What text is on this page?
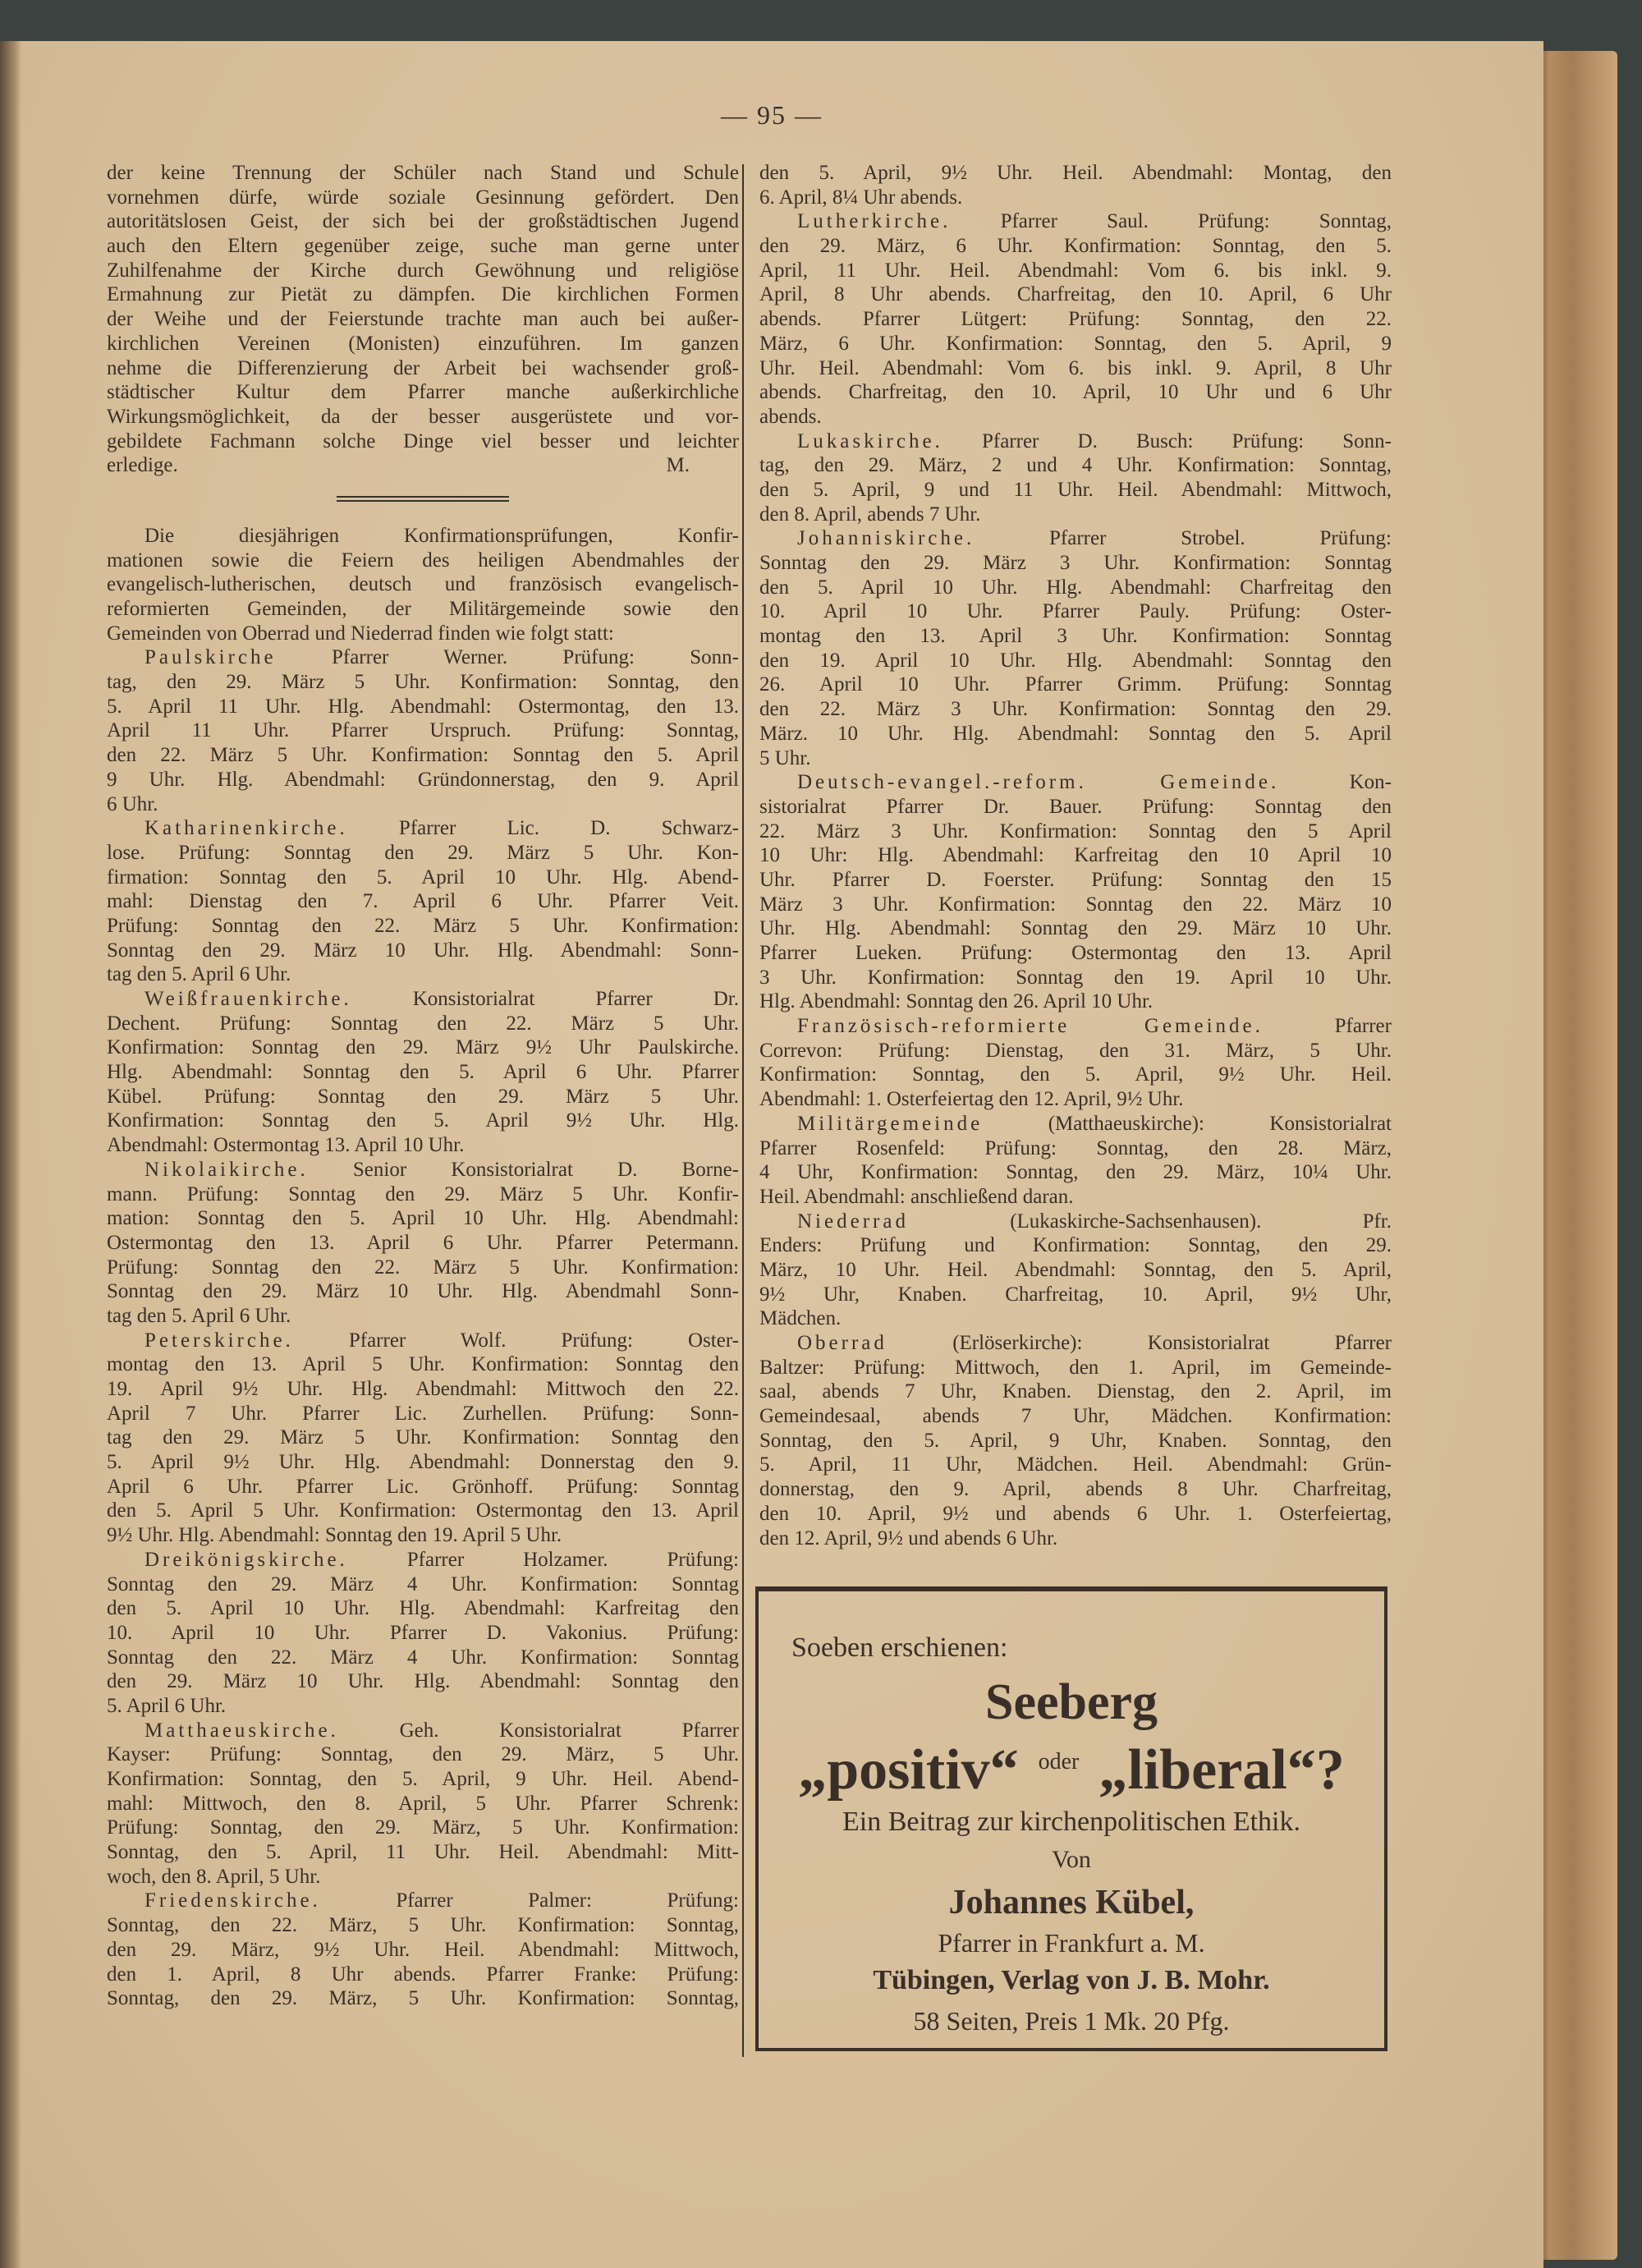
— 95 —
der keine Trennung der Schüler nach Stand und Schule
vornehmen dürfe, würde soziale Gesinnung gefördert. Den
autoritätslosen Geist, der sich bei der großstädtischen Jugend
auch den Eltern gegenüber zeige, suche man gerne unter
Zuhilfenahme der Kirche durch Gewöhnung und religiöse
Ermahnung zur Pietät zu dämpfen. Die kirchlichen Formen
der Weihe und der Feierstunde trachte man auch bei außer-
kirchlichen Vereinen (Monisten) einzuführen. Im ganzen
nehme die Differenzierung der Arbeit bei wachsender groß-
städtischer Kultur dem Pfarrer manche außerkirchliche
Wirkungsmöglichkeit, da der besser ausgerüstete und vor-
gebildete Fachmann solche Dinge viel besser und leichter
erledige.	M.
Die diesjährigen Konfirmationsprüfungen, Konfir-
mationen sowie die Feiern des heiligen Abendmahles der
evangelisch-lutherischen, deutsch und französisch evangelisch-
reformierten Gemeinden, der Militärgemeinde sowie den
Gemeinden von Oberrad und Niederrad finden wie folgt statt:
Paulskirche Pfarrer Werner. Prüfung: Sonn-
tag, den 29. März 5 Uhr. Konfirmation: Sonntag, den
5. April 11 Uhr. Hlg. Abendmahl: Ostermontag, den 13.
April 11 Uhr. Pfarrer Urspruch. Prüfung: Sonntag,
den 22. März 5 Uhr. Konfirmation: Sonntag den 5. April
9 Uhr. Hlg. Abendmahl: Gründonnerstag, den 9. April
6 Uhr.
Katharinenkirche. Pfarrer Lic. D. Schwarz-
lose. Prüfung: Sonntag den 29. März 5 Uhr. Kon-
firmation: Sonntag den 5. April 10 Uhr. Hlg. Abend-
mahl: Dienstag den 7. April 6 Uhr. Pfarrer Veit.
Prüfung: Sonntag den 22. März 5 Uhr. Konfirmation:
Sonntag den 29. März 10 Uhr. Hlg. Abendmahl: Sonn-
tag den 5. April 6 Uhr.
Weißfrauenkirche. Konsistorialrat Pfarrer Dr.
Dechent. Prüfung: Sonntag den 22. März 5 Uhr.
Konfirmation: Sonntag den 29. März 9½ Uhr Paulskirche.
Hlg. Abendmahl: Sonntag den 5. April 6 Uhr. Pfarrer
Kübel. Prüfung: Sonntag den 29. März 5 Uhr.
Konfirmation: Sonntag den 5. April 9½ Uhr. Hlg.
Abendmahl: Ostermontag 13. April 10 Uhr.
Nikolaikirche. Senior Konsistorialrat D. Borne-
mann. Prüfung: Sonntag den 29. März 5 Uhr. Konfir-
mation: Sonntag den 5. April 10 Uhr. Hlg. Abendmahl:
Ostermontag den 13. April 6 Uhr. Pfarrer Petermann.
Prüfung: Sonntag den 22. März 5 Uhr. Konfirmation:
Sonntag den 29. März 10 Uhr. Hlg. Abendmahl Sonn-
tag den 5. April 6 Uhr.
Peterskirche. Pfarrer Wolf. Prüfung: Oster-
montag den 13. April 5 Uhr. Konfirmation: Sonntag den
19. April 9½ Uhr. Hlg. Abendmahl: Mittwoch den 22.
April 7 Uhr. Pfarrer Lic. Zurhellen. Prüfung: Sonn-
tag den 29. März 5 Uhr. Konfirmation: Sonntag den
5. April 9½ Uhr. Hlg. Abendmahl: Donnerstag den 9.
April 6 Uhr. Pfarrer Lic. Grönhoff. Prüfung: Sonntag
den 5. April 5 Uhr. Konfirmation: Ostermontag den 13. April
9½ Uhr. Hlg. Abendmahl: Sonntag den 19. April 5 Uhr.
Dreikönigskirche. Pfarrer Holzamer. Prüfung:
Sonntag den 29. März 4 Uhr. Konfirmation: Sonntag
den 5. April 10 Uhr. Hlg. Abendmahl: Karfreitag den
10. April 10 Uhr. Pfarrer D. Vakonius. Prüfung:
Sonntag den 22. März 4 Uhr. Konfirmation: Sonntag
den 29. März 10 Uhr. Hlg. Abendmahl: Sonntag den
5. April 6 Uhr.
Matthaeuskirche. Geh. Konsistorialrat Pfarrer
Kayser: Prüfung: Sonntag, den 29. März, 5 Uhr.
Konfirmation: Sonntag, den 5. April, 9 Uhr. Heil. Abend-
mahl: Mittwoch, den 8. April, 5 Uhr. Pfarrer Schrenk:
Prüfung: Sonntag, den 29. März, 5 Uhr. Konfirmation:
Sonntag, den 5. April, 11 Uhr. Heil. Abendmahl: Mitt-
woch, den 8. April, 5 Uhr.
Friedenskirche. Pfarrer Palmer: Prüfung:
Sonntag, den 22. März, 5 Uhr. Konfirmation: Sonntag,
den 29. März, 9½ Uhr. Heil. Abendmahl: Mittwoch,
den 1. April, 8 Uhr abends. Pfarrer Franke: Prüfung:
Sonntag, den 29. März, 5 Uhr. Konfirmation: Sonntag,
den 5. April, 9½ Uhr. Heil. Abendmahl: Montag, den
6. April, 8¼ Uhr abends.
Lutherkirche. Pfarrer Saul. Prüfung: Sonntag,
den 29. März, 6 Uhr. Konfirmation: Sonntag, den 5.
April, 11 Uhr. Heil. Abendmahl: Vom 6. bis inkl. 9.
April, 8 Uhr abends. Charfreitag, den 10. April, 6 Uhr
abends. Pfarrer Lütgert: Prüfung: Sonntag, den 22.
März, 6 Uhr. Konfirmation: Sonntag, den 5. April, 9
Uhr. Heil. Abendmahl: Vom 6. bis inkl. 9. April, 8 Uhr
abends. Charfreitag, den 10. April, 10 Uhr und 6 Uhr
abends.
Lukaskirche. Pfarrer D. Busch: Prüfung: Sonn-
tag, den 29. März, 2 und 4 Uhr. Konfirmation: Sonntag,
den 5. April, 9 und 11 Uhr. Heil. Abendmahl: Mittwoch,
den 8. April, abends 7 Uhr.
Johanniskirche. Pfarrer Strobel. Prüfung:
Sonntag den 29. März 3 Uhr. Konfirmation: Sonntag
den 5. April 10 Uhr. Hlg. Abendmahl: Charfreitag den
10. April 10 Uhr. Pfarrer Pauly. Prüfung: Oster-
montag den 13. April 3 Uhr. Konfirmation: Sonntag
den 19. April 10 Uhr. Hlg. Abendmahl: Sonntag den
26. April 10 Uhr. Pfarrer Grimm. Prüfung: Sonntag
den 22. März 3 Uhr. Konfirmation: Sonntag den 29.
März. 10 Uhr. Hlg. Abendmahl: Sonntag den 5. April
5 Uhr.
Deutsch-evangel.-reform. Gemeinde. Kon-
sistorialrat Pfarrer Dr. Bauer. Prüfung: Sonntag den
22. März 3 Uhr. Konfirmation: Sonntag den 5 April
10 Uhr: Hlg. Abendmahl: Karfreitag den 10 April 10
Uhr. Pfarrer D. Foerster. Prüfung: Sonntag den 15
März 3 Uhr. Konfirmation: Sonntag den 22. März 10
Uhr. Hlg. Abendmahl: Sonntag den 29. März 10 Uhr.
Pfarrer Lueken. Prüfung: Ostermontag den 13. April
3 Uhr. Konfirmation: Sonntag den 19. April 10 Uhr.
Hlg. Abendmahl: Sonntag den 26. April 10 Uhr.
Französisch-reformierte Gemeinde. Pfarrer
Correvon: Prüfung: Dienstag, den 31. März, 5 Uhr.
Konfirmation: Sonntag, den 5. April, 9½ Uhr. Heil.
Abendmahl: 1. Osterfeiertag den 12. April, 9½ Uhr.
Militärgemeinde (Matthaeuskirche): Konsistorialrat
Pfarrer Rosenfeld: Prüfung: Sonntag, den 28. März,
4 Uhr, Konfirmation: Sonntag, den 29. März, 10¼ Uhr.
Heil. Abendmahl: anschließend daran.
Niederrad (Lukaskirche-Sachsenhausen). Pfr.
Enders: Prüfung und Konfirmation: Sonntag, den 29.
März, 10 Uhr. Heil. Abendmahl: Sonntag, den 5. April,
9½ Uhr, Knaben. Charfreitag, 10. April, 9½ Uhr,
Mädchen.
Oberrad (Erlöserkirche): Konsistorialrat Pfarrer
Baltzer: Prüfung: Mittwoch, den 1. April, im Gemeinde-
saal, abends 7 Uhr, Knaben. Dienstag, den 2. April, im
Gemeindesaal, abends 7 Uhr, Mädchen. Konfirmation:
Sonntag, den 5. April, 9 Uhr, Knaben. Sonntag, den
5. April, 11 Uhr, Mädchen. Heil. Abendmahl: Grün-
donnerstag, den 9. April, abends 8 Uhr. Charfreitag,
den 10. April, 9½ und abends 6 Uhr. 1. Osterfeiertag,
den 12. April, 9½ und abends 6 Uhr.
Soeben erschienen:
Seeberg
„positiv“ $^{oder}$ „liberal“?
Ein Beitrag zur kirchenpolitischen Ethik.
Von
Johannes Kübel,
Pfarrer in Frankfurt a. M.
Tübingen, Verlag von J. B. Mohr.
58 Seiten, Preis 1 Mk. 20 Pfg.
